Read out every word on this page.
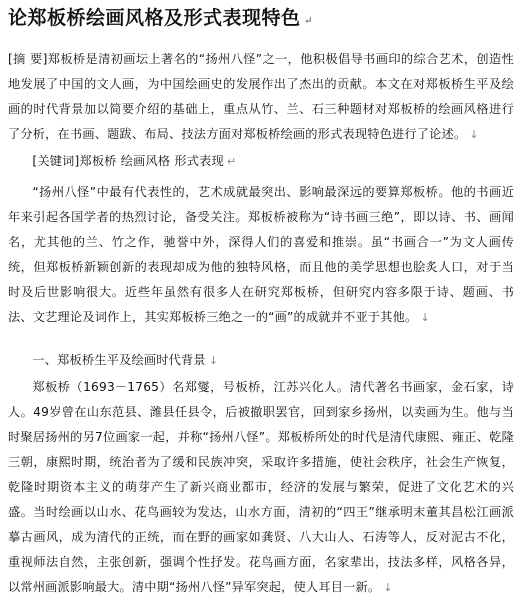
论郑板桥绘画风格及形式表现特色 ↵

[摘 要]郑板桥是清初画坛上著名的“扬州八怪”之一，他积极倡导书画印的综合艺术，创造性地发展了中国的文人画，为中国绘画史的发展作出了杰出的贡献。本文在对郑板桥生平及绘画的时代背景加以简要介绍的基础上，重点从竹、兰、石三种题材对郑板桥的绘画风格进行了分析，在书画、题跋、布局、技法方面对郑板桥绘画的形式表现特色进行了论述。 ↓

[关键词]郑板桥 绘画风格 形式表现 ↵

“扬州八怪”中最有代表性的，艺术成就最突出、影响最深远的要算郑板桥。他的书画近年来引起各国学者的热烈讨论，备受关注。郑板桥被称为“诗书画三绝”，即以诗、书、画闻名，尤其他的兰、竹之作，驰誉中外，深得人们的喜爱和推崇。虽“书画合一”为文人画传统，但郑板桥新颖创新的表现却成为他的独特风格，而且他的美学思想也脍炙人口，对于当时及后世影响很大。近些年虽然有很多人在研究郑板桥，但研究内容多限于诗、题画、书法、文艺理论及词作上，其实郑板桥三绝之一的“画”的成就并不亚于其他。 ↓

一、郑板桥生平及绘画时代背景 ↓

郑板桥（1693－1765）名郑燮，号板桥，江苏兴化人。清代著名书画家，金石家，诗人。49岁曾在山东范县、潍县任县令，后被撤职罢官，回到家乡扬州，以卖画为生。他与当时聚居扬州的另7位画家一起，并称“扬州八怪”。郑板桥所处的时代是清代康熙、雍正、乾隆三朝，康熙时期，统治者为了缓和民族冲突，采取许多措施，使社会秩序，社会生产恢复，乾隆时期资本主义的萌芽产生了新兴商业都市，经济的发展与繁荣，促进了文化艺术的兴盛。当时绘画以山水、花鸟画较为发达，山水方面，清初的“四王”继承明末董其昌松江画派摹古画风，成为清代的正统，而在野的画家如龚贤、八大山人、石涛等人，反对泥古不化，重视师法自然，主张创新，强调个性抒发。花鸟画方面，名家辈出，技法多样，风格各异，以常州画派影响最大。清中期“扬州八怪”异军突起，使人耳目一新。 ↓
